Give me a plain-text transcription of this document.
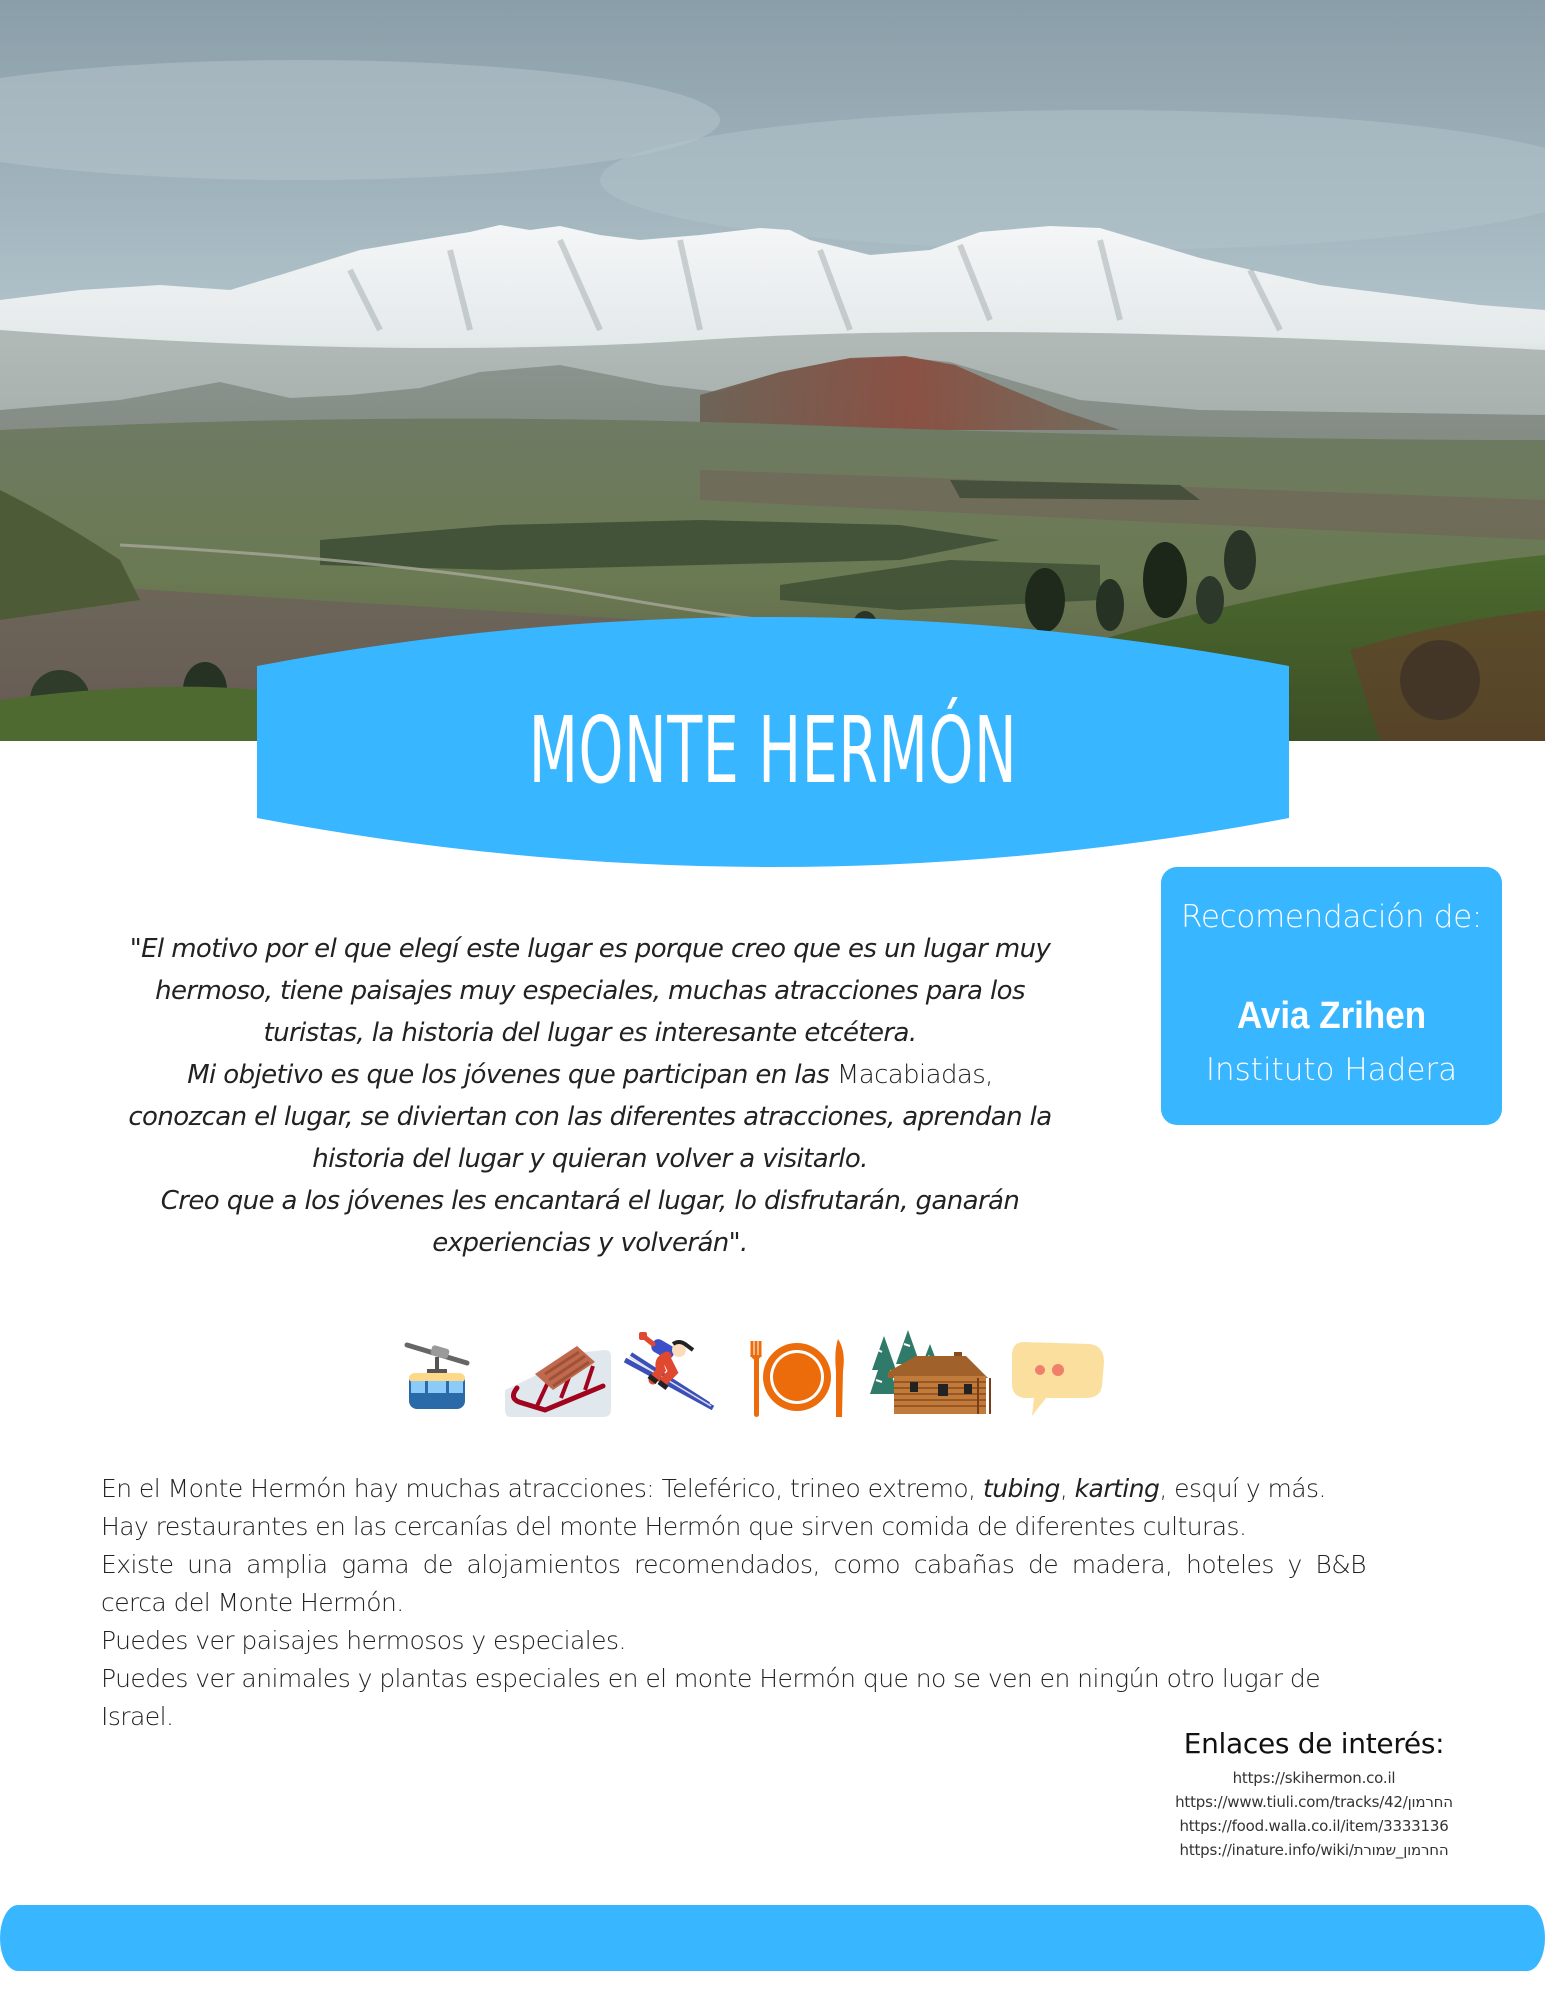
MONTE HERMÓN
Recomendación de:
Avia Zrihen
Instituto Hadera
"El motivo por el que elegí este lugar es porque creo que es un lugar muy
hermoso, tiene paisajes muy especiales, muchas atracciones para los
turistas, la historia del lugar es interesante etcétera.
Mi objetivo es que los jóvenes que participan en las Macabiadas,
conozcan el lugar, se diviertan con las diferentes atracciones, aprendan la
historia del lugar y quieran volver a visitarlo.
Creo que a los jóvenes les encantará el lugar, lo disfrutarán, ganarán
experiencias y volverán".
En el Monte Hermón hay muchas atracciones: Teleférico, trineo extremo, tubing, karting, esquí y más.
Hay restaurantes en las cercanías del monte Hermón que sirven comida de diferentes culturas.
Existe una amplia gama de alojamientos recomendados, como cabañas de madera, hoteles y B&B
cerca del Monte Hermón.
Puedes ver paisajes hermosos y especiales.
Puedes ver animales y plantas especiales en el monte Hermón que no se ven en ningún otro lugar de
Israel.
Enlaces de interés:
https://skihermon.co.il
https://www.tiuli.com/tracks/42/החרמון
https://food.walla.co.il/item/3333136
https://inature.info/wiki/החרמון_שמורת
